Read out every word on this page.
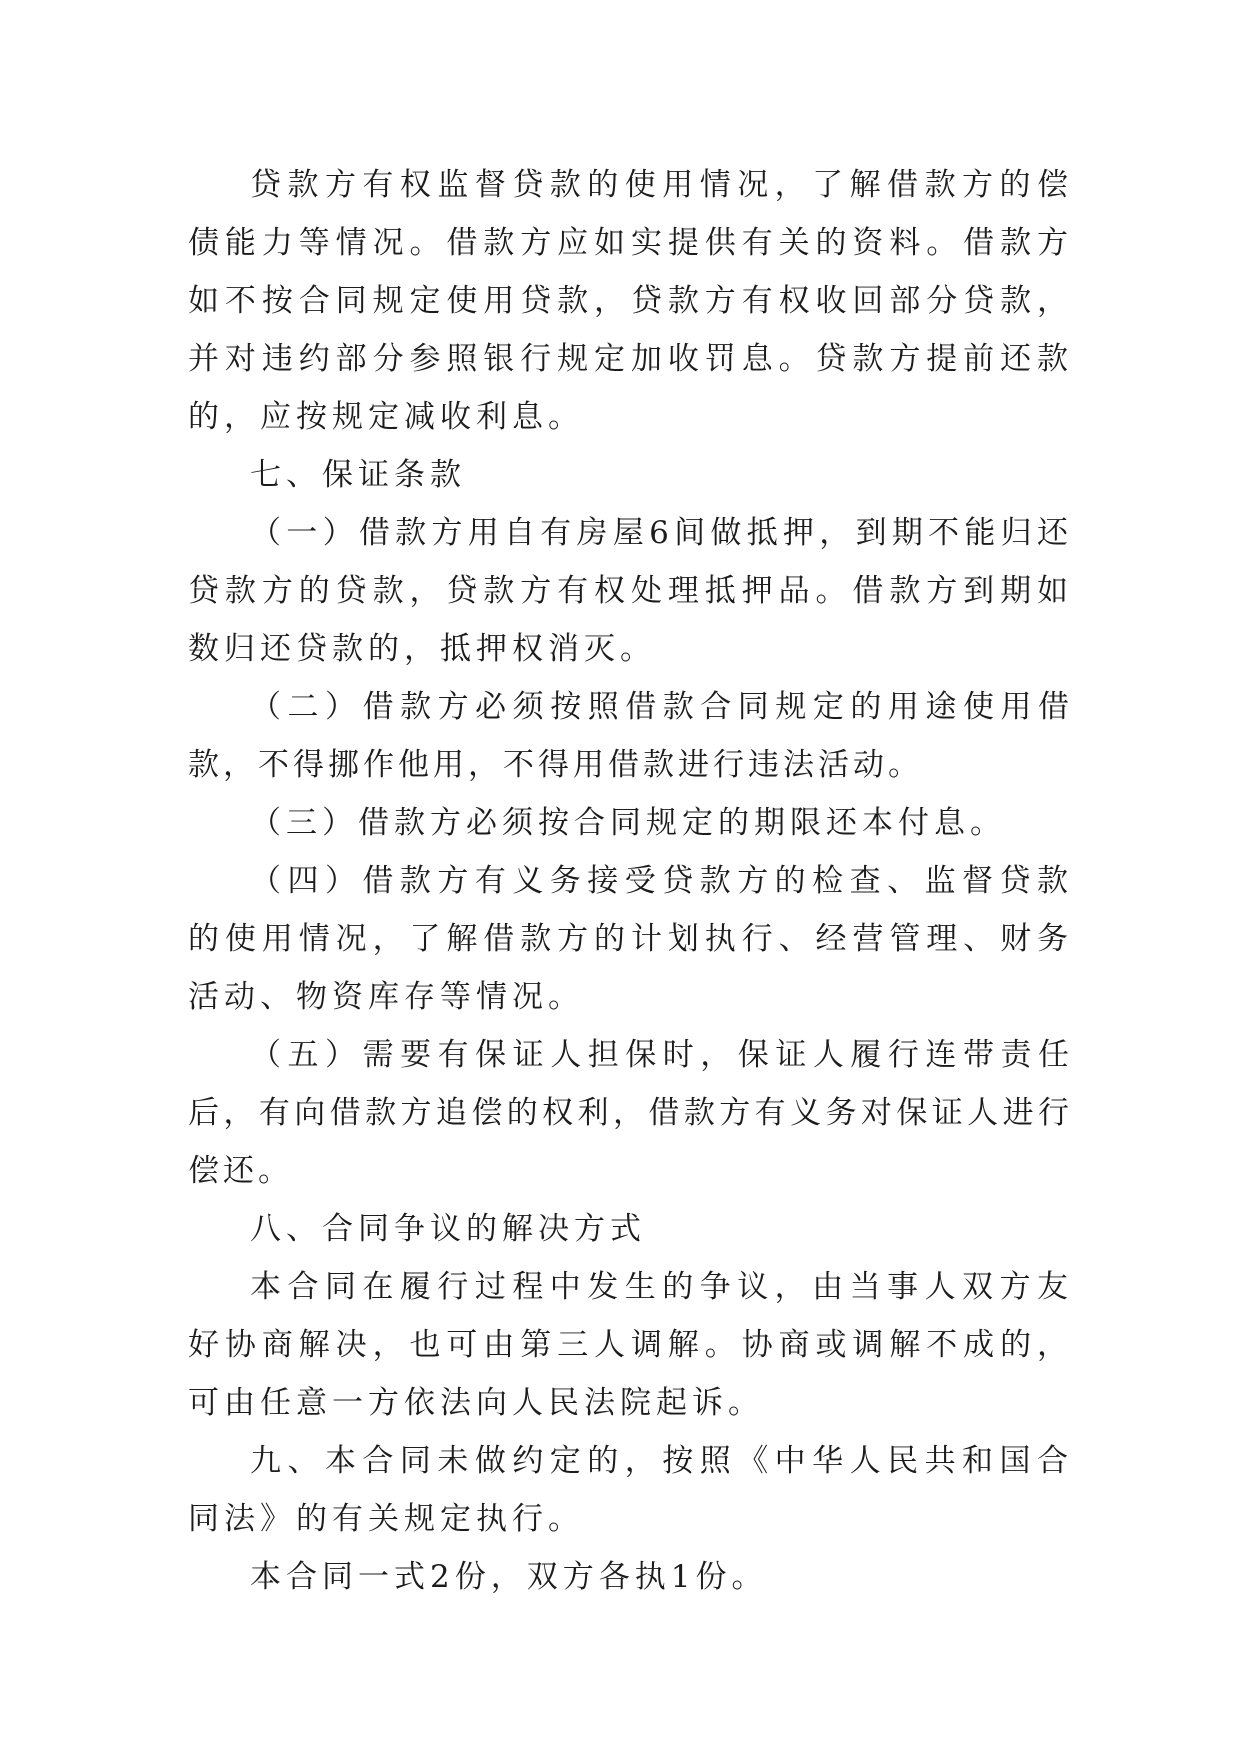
贷款方有权监督贷款的使用情况，了解借款方的偿债能力等情况。借款方应如实提供有关的资料。借款方如不按合同规定使用贷款，贷款方有权收回部分贷款，并对违约部分参照银行规定加收罚息。贷款方提前还款的，应按规定减收利息。

七、保证条款

（一）借款方用自有房屋6间做抵押，到期不能归还贷款方的贷款，贷款方有权处理抵押品。借款方到期如数归还贷款的，抵押权消灭。

（二）借款方必须按照借款合同规定的用途使用借款，不得挪作他用，不得用借款进行违法活动。

（三）借款方必须按合同规定的期限还本付息。

（四）借款方有义务接受贷款方的检查、监督贷款的使用情况，了解借款方的计划执行、经营管理、财务活动、物资库存等情况。

（五）需要有保证人担保时，保证人履行连带责任后，有向借款方追偿的权利，借款方有义务对保证人进行偿还。

八、合同争议的解决方式

本合同在履行过程中发生的争议，由当事人双方友好协商解决，也可由第三人调解。协商或调解不成的，可由任意一方依法向人民法院起诉。

九、本合同未做约定的，按照《中华人民共和国合同法》的有关规定执行。

本合同一式2份，双方各执1份。
